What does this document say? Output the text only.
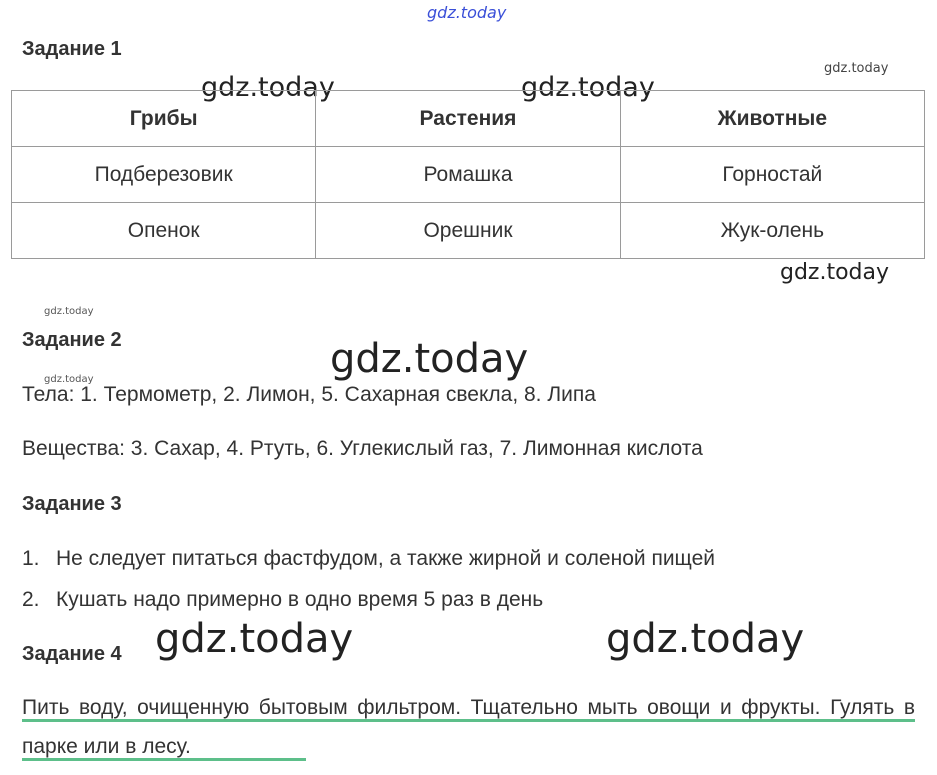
gdz.today
gdz.today
gdz.today	gdz.today
gdz.today
gdz.today
gdz.today
gdz.today
gdz.today	gdz.today
Задание 1
Грибы	Растения	Животные
Подберезовик	Ромашка	Горностай
Опенок	Орешник	Жук-олень
Задание 2
Тела: 1. Термометр, 2. Лимон, 5. Сахарная свекла, 8. Липа
Вещества: 3. Сахар, 4. Ртуть, 6. Углекислый газ, 7. Лимонная кислота
Задание 3
1. Не следует питаться фастфудом, а также жирной и соленой пищей
2. Кушать надо примерно в одно время 5 раз в день
Задание 4
Пить воду, очищенную бытовым фильтром. Тщательно мыть овощи и фрукты. Гулять в парке или в лесу.
